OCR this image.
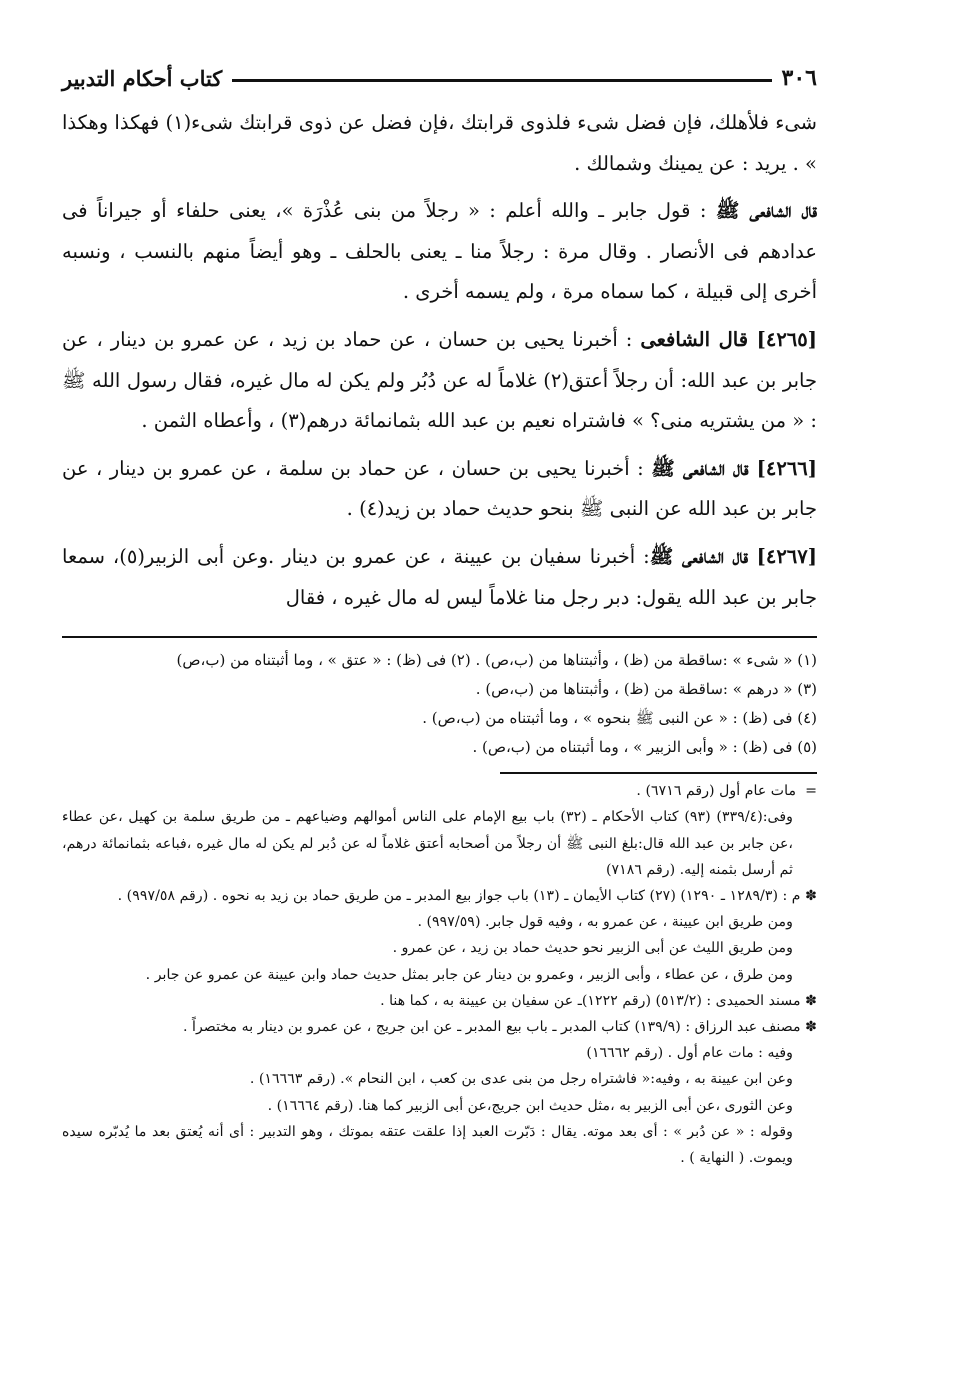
٣٠٦
كتاب أحكام التدبير

شىء فلأهلك، فإن فضل شىء فلذوى قرابتك ،فإن فضل عن ذوى قرابتك شىء(١) فهكذا وهكذا » . يريد : عن يمينك وشمالك .

قال الشافعى ﷺ : قول جابر ـ والله أعلم : « رجلاً من بنى عُذْرَة »، يعنى حلفاء أو جيراناً فى عدادهم فى الأنصار . وقال مرة : رجلاً منا ـ يعنى بالحلف ـ وهو أيضاً منهم بالنسب ، ونسبه أخرى إلى قبيلة ، كما سماه مرة ، ولم يسمه أخرى .

[٤٢٦٥] قال الشافعى : أخبرنا يحيى بن حسان ، عن حماد بن زيد ، عن عمرو بن دينار ، عن جابر بن عبد الله: أن رجلاً أعتق(٢) غلاماً له عن دُبُر ولم يكن له مال غيره، فقال رسول الله ﷺ : « من يشتريه منى؟ » فاشتراه نعيم بن عبد الله بثمانمائة درهم(٣) ، وأعطاه الثمن .

[٤٢٦٦] قال الشافعى ﷺ : أخبرنا يحيى بن حسان ، عن حماد بن سلمة ، عن عمرو بن دينار ، عن جابر بن عبد الله عن النبى ﷺ بنحو حديث حماد بن زيد(٤) .

[٤٢٦٧] قال الشافعى ﷺ: أخبرنا سفيان بن عيينة ، عن عمرو بن دينار .وعن أبى الزبير(٥)، سمعا جابر بن عبد الله يقول: دبر رجل منا غلاماً ليس له مال غيره ، فقال

(١) « شىء » :ساقطة من (ظ) ، وأثبتناها من (ب،ص) . (٢) فى (ظ) : « عتق » ، وما أثبتناه من (ب،ص)

(٣) « درهم » :ساقطة من (ظ) ، وأثبتناها من (ب،ص) .

(٤) فى (ظ) : « عن النبى ﷺ بنحوه » ، وما أثبتناه من (ب،ص) .

(٥) فى (ظ) : « وأبى الزبير » ، وما أثبتناه من (ب،ص) .

=  مات عام أول (رقم ٦٧١٦) .

وفى:(٣٣٩/٤) (٩٣) كتاب الأحكام ـ (٣٢) باب بيع الإمام على الناس أموالهم وضياعهم ـ من طريق سلمة بن كهيل ،عن عطاء ،عن جابر بن عبد الله قال:بلغ النبى ﷺ أن رجلاً من أصحابه أعتق غلاماً له عن دُبر لم يكن له مال غيره ،فباعه بثمانمائة درهم، ثم أرسل بثمنه إليه. (رقم ٧١٨٦)

✽ م : (١٢٨٩/٣ ـ ١٢٩٠) (٢٧) كتاب الأيمان ـ (١٣) باب جواز بيع المدبر ـ من طريق حماد بن زيد به نحوه . (رقم ٩٩٧/٥٨) .

ومن طريق ابن عيينة ، عن عمرو به ، وفيه قول جابر. (٩٩٧/٥٩) .

ومن طريق الليث عن أبى الزبير نحو حديث حماد بن زيد ، عن عمرو .

ومن طرق ، عن عطاء ، وأبى الزبير ، وعمرو بن دينار عن جابر بمثل حديث حماد وابن عيينة عن عمرو عن جابر .

✽ مسند الحميدى : (٥١٣/٢) (رقم ١٢٢٢)ـ عن سفيان بن عيينة به ، كما هنا .

✽ مصنف عبد الرزاق : (١٣٩/٩) كتاب المدبر ـ باب بيع المدبر ـ عن ابن جريج ، عن عمرو بن دينار به مختصراً .

وفيه : مات عام أول . (رقم ١٦٦٦٢)

وعن ابن عيينة به ، وفيه:« فاشتراه رجل من بنى عدى بن كعب ، ابن النحام ». (رقم ١٦٦٦٣) .

وعن الثورى ،عن أبى الزبير به ،مثل حديث ابن جريج،عن أبى الزبير كما هنا. (رقم ١٦٦٦٤) .

وقوله : « عن دُبر » : أى بعد موته. يقال : دَبّرت العبد إذا علقت عتقه بموتك ، وهو التدبير : أى أنه يُعتق بعد ما يُدبّره سيده ويموت. ( النهاية ) .
